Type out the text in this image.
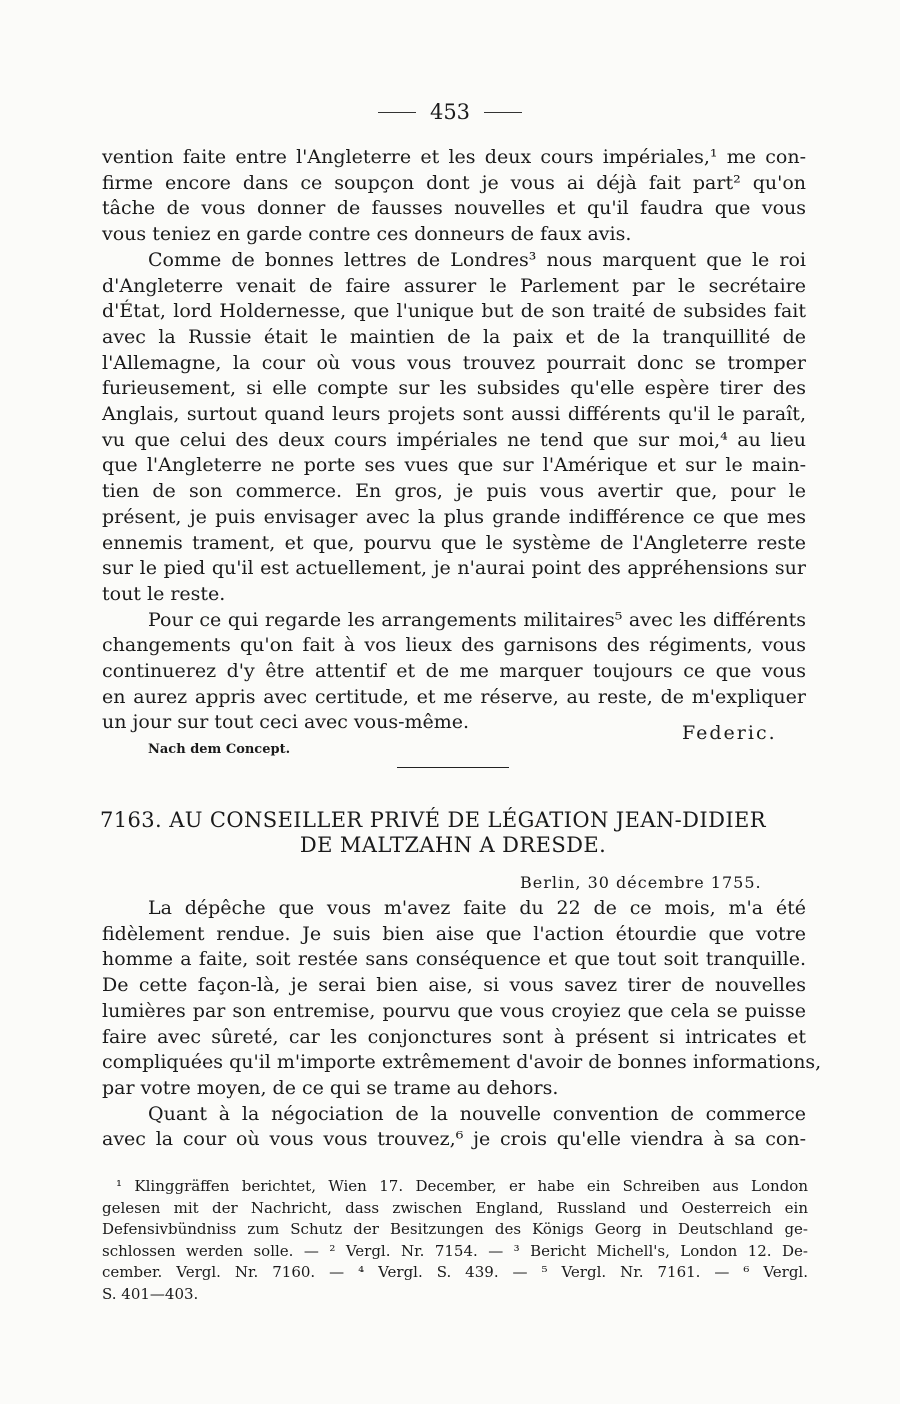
453

vention faite entre l'Angleterre et les deux cours impériales,¹ me con-

firme encore dans ce soupçon dont je vous ai déjà fait part² qu'on

tâche de vous donner de fausses nouvelles et qu'il faudra que vous

vous teniez en garde contre ces donneurs de faux avis.

Comme de bonnes lettres de Londres³ nous marquent que le roi

d'Angleterre venait de faire assurer le Parlement par le secrétaire

d'État, lord Holdernesse, que l'unique but de son traité de subsides fait

avec la Russie était le maintien de la paix et de la tranquillité de

l'Allemagne, la cour où vous vous trouvez pourrait donc se tromper

furieusement, si elle compte sur les subsides qu'elle espère tirer des

Anglais, surtout quand leurs projets sont aussi différents qu'il le paraît,

vu que celui des deux cours impériales ne tend que sur moi,⁴ au lieu

que l'Angleterre ne porte ses vues que sur l'Amérique et sur le main-

tien de son commerce. En gros, je puis vous avertir que, pour le

présent, je puis envisager avec la plus grande indifférence ce que mes

ennemis trament, et que, pourvu que le système de l'Angleterre reste

sur le pied qu'il est actuellement, je n'aurai point des appréhensions sur

tout le reste.

Pour ce qui regarde les arrangements militaires⁵ avec les différents

changements qu'on fait à vos lieux des garnisons des régiments, vous

continuerez d'y être attentif et de me marquer toujours ce que vous

en aurez appris avec certitude, et me réserve, au reste, de m'expliquer

un jour sur tout ceci avec vous-même.	Federic.
Nach dem Concept.
7163. AU CONSEILLER PRIVÉ DE LÉGATION JEAN-DIDIER
DE MALTZAHN A DRESDE.
Berlin, 30 décembre 1755.

La dépêche que vous m'avez faite du 22 de ce mois, m'a été

fidèlement rendue. Je suis bien aise que l'action étourdie que votre

homme a faite, soit restée sans conséquence et que tout soit tranquille.

De cette façon-là, je serai bien aise, si vous savez tirer de nouvelles

lumières par son entremise, pourvu que vous croyiez que cela se puisse

faire avec sûreté, car les conjonctures sont à présent si intricates et

compliquées qu'il m'importe extrêmement d'avoir de bonnes informations,

par votre moyen, de ce qui se trame au dehors.

Quant à la négociation de la nouvelle convention de commerce

avec la cour où vous vous trouvez,⁶ je crois qu'elle viendra à sa con-

¹ Klinggräffen berichtet, Wien 17. December, er habe ein Schreiben aus London

gelesen mit der Nachricht, dass zwischen England, Russland und Oesterreich ein

Defensivbündniss zum Schutz der Besitzungen des Königs Georg in Deutschland ge-

schlossen werden solle. — ² Vergl. Nr. 7154. — ³ Bericht Michell's, London 12. De-

cember. Vergl. Nr. 7160. — ⁴ Vergl. S. 439. — ⁵ Vergl. Nr. 7161. — ⁶ Vergl.

S. 401—403.
